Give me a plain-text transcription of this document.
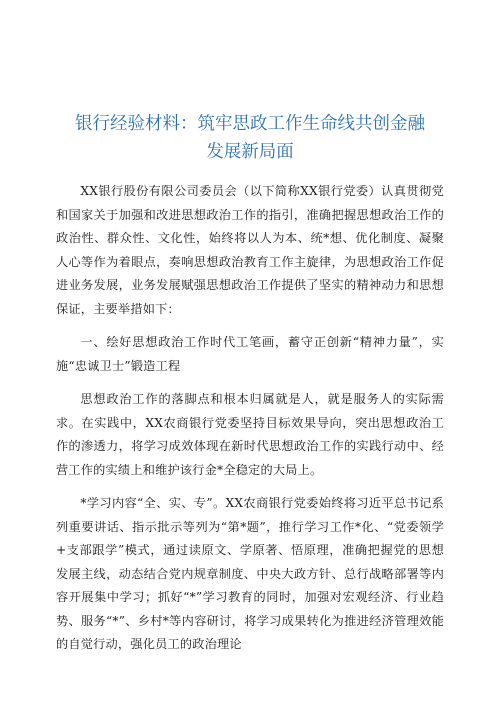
银行经验材料：筑牢思政工作生命线共创金融
发展新局面

XX银行股份有限公司委员会（以下简称XX银行党委）认真贯彻党和国家关于加强和改进思想政治工作的指引，准确把握思想政治工作的政治性、群众性、文化性，始终将以人为本、统*想、优化制度、凝聚人心等作为着眼点，奏响思想政治教育工作主旋律，为思想政治工作促进业务发展，业务发展赋强思想政治工作提供了坚实的精神动力和思想保证，主要举措如下：

一、绘好思想政治工作时代工笔画，蓄守正创新“精神力量”，实施“忠诚卫士”锻造工程

思想政治工作的落脚点和根本归属就是人，就是服务人的实际需求。在实践中，XX农商银行党委坚持目标效果导向，突出思想政治工作的渗透力，将学习成效体现在新时代思想政治工作的实践行动中、经营工作的实绩上和维护该行金*全稳定的大局上。

*学习内容“全、实、专”。XX农商银行党委始终将习近平总书记系列重要讲话、指示批示等列为“第*题”，推行学习工作*化、“党委领学+支部跟学”模式，通过读原文、学原著、悟原理，准确把握党的思想发展主线，动态结合党内规章制度、中央大政方针、总行战略部署等内容开展集中学习；抓好“*”学习教育的同时，加强对宏观经济、行业趋势、服务“*”、乡村*等内容研讨，将学习成果转化为推进经济管理效能的自觉行动，强化员工的政治理论
